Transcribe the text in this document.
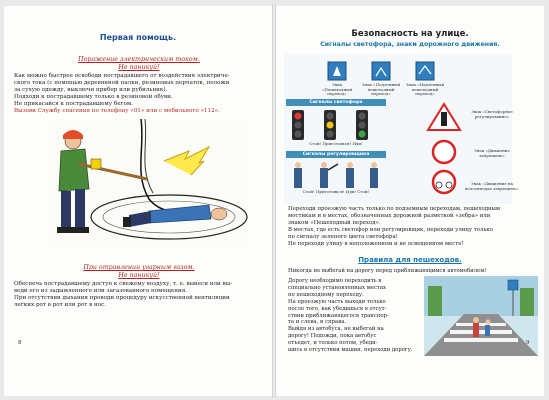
Первая помощь.
Поражение электрическим током.
Не паникуй!

Как можно быстрее освободи пострадавшего от воздействия электриче-

ского тока (с помощью деревянной палки, резиновых перчаток, положи

за сухую одежду, выключи прибор или рубильник).

Подходи к пострадавшему только в резиновой обуви.

Не прикасайся к пострадавшему бегом.

Вызови Службу спасения по телефону «01» или с мобильного «112».

При отравлении угарным газом.
Не паникуй!

Обеспечь пострадавшему доступ к свежему воздуху, т. е. вынеси или вы-

веди его из задымленного или загазованного помещения.

При отсутствии дыхания проводи процедуру искусственной вентиляции

легких рот в рот или рот в нос.

8
Безопасность на улице.
Сигналы светофора, знаки дорожного движения.
Знак «Пешеходный переход»
Знак «Подземный пешеходный переход»
Знак «Надземный пешеходный переход»
Сигналы светофора
Стой! Приготовься! Иди!
Сигналы регулировщика
Стой! Приготовься! Иди! Стой!
Знак «Светофорное регулирование»
Знак «Движение запрещено»
Знак «Движение на велосипедах запрещено»

Переходи проезжую часть только по подземным переходам, пешеходным

мостикам и в местах, обозначенных дорожной разметкой «зебра» или

знаком «Пешеходный переход».

В местах, где есть светофор или регулировщик, переходи улицу только

по сигналу зеленого цвета светофора!

Не переходи улицу в неположенном и не освещенном месте!

Правила для пешеходов.
Никогда не выбегай на дорогу перед приближающимся автомобилем!

Дорогу необходимо переходить в

специально установленных местах

по пешеходному переходу.

На проезжую часть выходи только

после того, как убедишься в отсут-

ствии приближающегося транспор-

та и слева, и справа.

Выйдя из автобуса, не выбегай на

дорогу! Подожди, пока автобус

отъедет, и только потом, убеди-

шись в отсутствии машин, переходи дорогу.

9
